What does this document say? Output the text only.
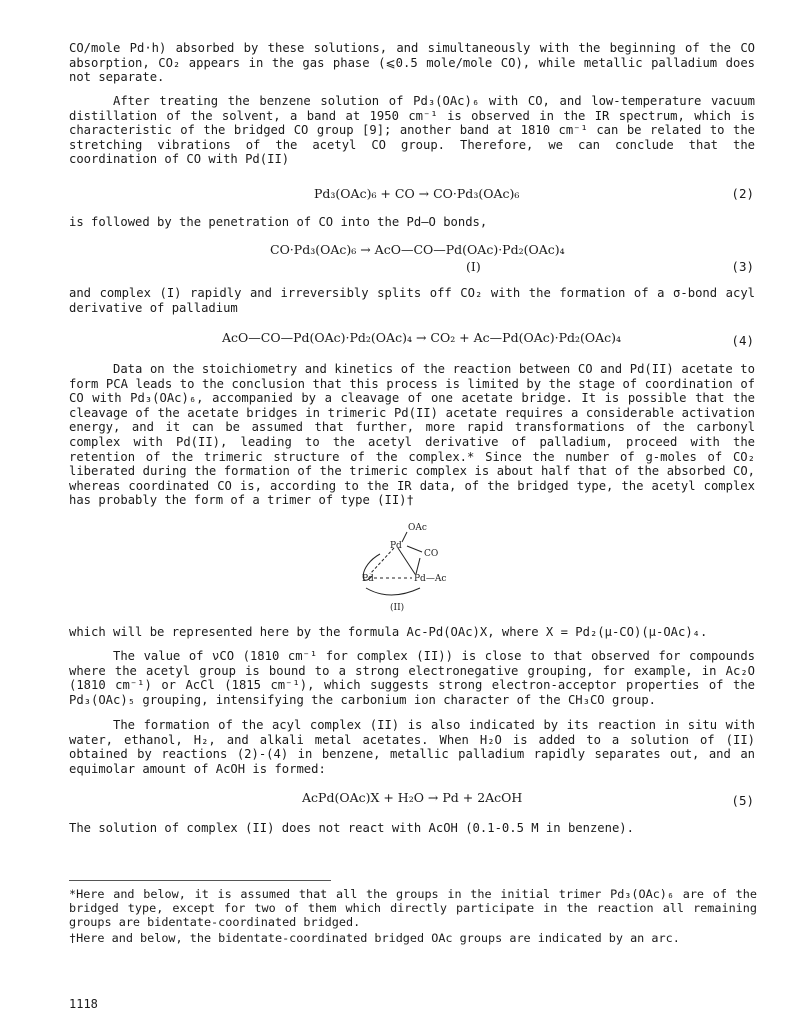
CO/mole Pd·h) absorbed by these solutions, and simultaneously with the beginning of the CO absorption, CO₂ appears in the gas phase (⩽0.5 mole/mole CO), while metallic palladium does not separate.

After treating the benzene solution of Pd₃(OAc)₆ with CO, and low-temperature vacuum distillation of the solvent, a band at 1950 cm⁻¹ is observed in the IR spectrum, which is characteristic of the bridged CO group [9]; another band at 1810 cm⁻¹ can be related to the stretching vibrations of the acetyl CO group. Therefore, we can conclude that the coordination of CO with Pd(II)

Pd₃(OAc)₆ + CO → CO·Pd₃(OAc)₆	(2)

is followed by the penetration of CO into the Pd—O bonds,

CO·Pd₃(OAc)₆ → AcO—CO—Pd(OAc)·Pd₂(OAc)₄
(I)	(3)

and complex (I) rapidly and irreversibly splits off CO₂ with the formation of a σ-bond acyl derivative of palladium

AcO—CO—Pd(OAc)·Pd₂(OAc)₄ → CO₂ + Ac—Pd(OAc)·Pd₂(OAc)₄	(4)

Data on the stoichiometry and kinetics of the reaction between CO and Pd(II) acetate to form PCA leads to the conclusion that this process is limited by the stage of coordination of CO with Pd₃(OAc)₆, accompanied by a cleavage of one acetate bridge. It is possible that the cleavage of the acetate bridges in trimeric Pd(II) acetate requires a considerable activation energy, and it can be assumed that further, more rapid transformations of the carbonyl complex with Pd(II), leading to the acetyl derivative of palladium, proceed with the retention of the trimeric structure of the complex.* Since the number of g-moles of CO₂ liberated during the formation of the trimeric complex is about half that of the absorbed CO, whereas coordinated CO is, according to the IR data, of the bridged type, the acetyl complex has probably the form of a trimer of type (II)†

OAc
Pd
CO
Pd	Pd—Ac
(II)

which will be represented here by the formula Ac-Pd(OAc)X, where X = Pd₂(μ-CO)(μ-OAc)₄.

The value of νCO (1810 cm⁻¹ for complex (II)) is close to that observed for compounds where the acetyl group is bound to a strong electronegative grouping, for example, in Ac₂O (1810 cm⁻¹) or AcCl (1815 cm⁻¹), which suggests strong electron-acceptor properties of the Pd₃(OAc)₅ grouping, intensifying the carbonium ion character of the CH₃CO group.

The formation of the acyl complex (II) is also indicated by its reaction in situ with water, ethanol, H₂, and alkali metal acetates. When H₂O is added to a solution of (II) obtained by reactions (2)-(4) in benzene, metallic palladium rapidly separates out, and an equimolar amount of AcOH is formed:

AcPd(OAc)X + H₂O → Pd + 2AcOH	(5)

The solution of complex (II) does not react with AcOH (0.1-0.5 M in benzene).

*Here and below, it is assumed that all the groups in the initial trimer Pd₃(OAc)₆ are of the bridged type, except for two of them which directly participate in the reaction all remaining groups are bidentate-coordinated bridged.

†Here and below, the bidentate-coordinated bridged OAc groups are indicated by an arc.

1118
